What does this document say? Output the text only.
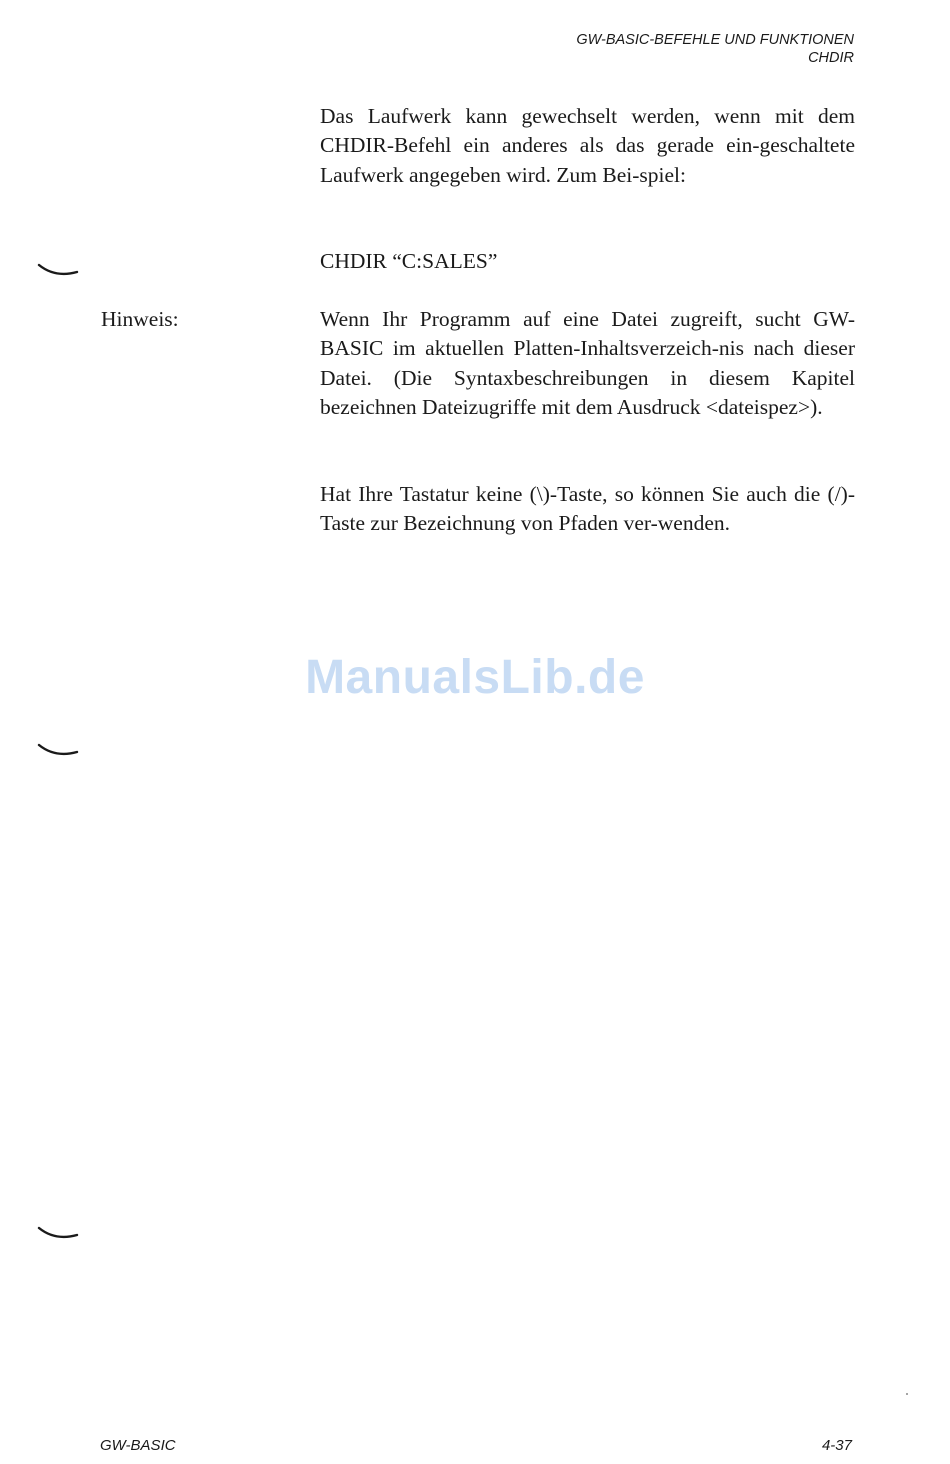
GW-BASIC-BEFEHLE UND FUNKTIONEN
CHDIR

Das Laufwerk kann gewechselt werden, wenn mit dem CHDIR-Befehl ein anderes als das gerade ein-geschaltete Laufwerk angegeben wird. Zum Bei-spiel:

CHDIR “C:SALES”

Hinweis:	Wenn Ihr Programm auf eine Datei zugreift, sucht GW-BASIC im aktuellen Platten-Inhaltsverzeich-nis nach dieser Datei. (Die Syntaxbeschreibungen in diesem Kapitel bezeichnen Dateizugriffe mit dem Ausdruck <dateispez>).

Hat Ihre Tastatur keine (\)-Taste, so können Sie auch die (/)-Taste zur Bezeichnung von Pfaden ver-wenden.

ManualsLib.de
GW-BASIC	4-37
